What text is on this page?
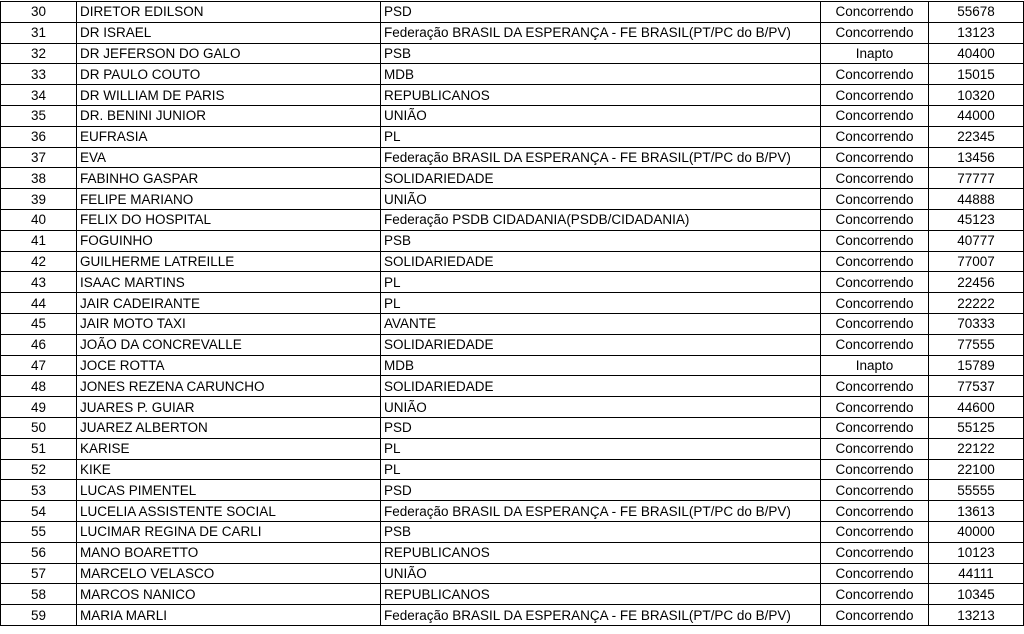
30	DIRETOR EDILSON	PSD	Concorrendo	55678
31	DR ISRAEL	Federação BRASIL DA ESPERANÇA - FE BRASIL(PT/PC do B/PV)	Concorrendo	13123
32	DR JEFERSON DO GALO	PSB	Inapto	40400
33	DR PAULO COUTO	MDB	Concorrendo	15015
34	DR WILLIAM DE PARIS	REPUBLICANOS	Concorrendo	10320
35	DR. BENINI JUNIOR	UNIÃO	Concorrendo	44000
36	EUFRASIA	PL	Concorrendo	22345
37	EVA	Federação BRASIL DA ESPERANÇA - FE BRASIL(PT/PC do B/PV)	Concorrendo	13456
38	FABINHO GASPAR	SOLIDARIEDADE	Concorrendo	77777
39	FELIPE MARIANO	UNIÃO	Concorrendo	44888
40	FELIX DO HOSPITAL	Federação PSDB CIDADANIA(PSDB/CIDADANIA)	Concorrendo	45123
41	FOGUINHO	PSB	Concorrendo	40777
42	GUILHERME LATREILLE	SOLIDARIEDADE	Concorrendo	77007
43	ISAAC MARTINS	PL	Concorrendo	22456
44	JAIR CADEIRANTE	PL	Concorrendo	22222
45	JAIR MOTO TAXI	AVANTE	Concorrendo	70333
46	JOÃO DA CONCREVALLE	SOLIDARIEDADE	Concorrendo	77555
47	JOCE ROTTA	MDB	Inapto	15789
48	JONES REZENA CARUNCHO	SOLIDARIEDADE	Concorrendo	77537
49	JUARES P. GUIAR	UNIÃO	Concorrendo	44600
50	JUAREZ ALBERTON	PSD	Concorrendo	55125
51	KARISE	PL	Concorrendo	22122
52	KIKE	PL	Concorrendo	22100
53	LUCAS PIMENTEL	PSD	Concorrendo	55555
54	LUCELIA ASSISTENTE SOCIAL	Federação BRASIL DA ESPERANÇA - FE BRASIL(PT/PC do B/PV)	Concorrendo	13613
55	LUCIMAR REGINA DE CARLI	PSB	Concorrendo	40000
56	MANO BOARETTO	REPUBLICANOS	Concorrendo	10123
57	MARCELO VELASCO	UNIÃO	Concorrendo	44111
58	MARCOS NANICO	REPUBLICANOS	Concorrendo	10345
59	MARIA MARLI	Federação BRASIL DA ESPERANÇA - FE BRASIL(PT/PC do B/PV)	Concorrendo	13213
